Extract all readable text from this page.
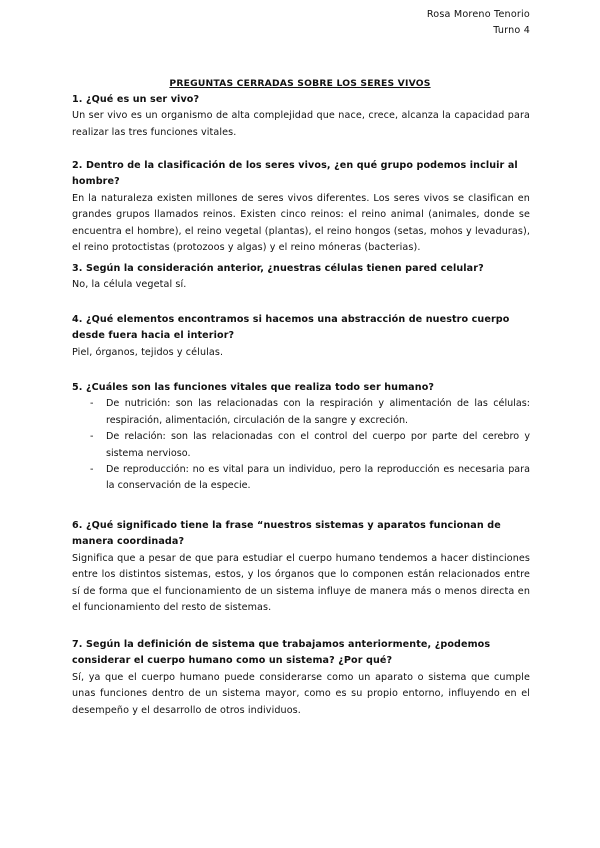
Rosa Moreno Tenorio
Turno 4
PREGUNTAS CERRADAS SOBRE LOS SERES VIVOS
1. ¿Qué es un ser vivo?

Un ser vivo es un organismo de alta complejidad que nace, crece, alcanza la capacidad para realizar las tres funciones vitales.

2. Dentro de la clasificación de los seres vivos, ¿en qué grupo podemos incluir al hombre?

En la naturaleza existen millones de seres vivos diferentes. Los seres vivos se clasifican en grandes grupos llamados reinos. Existen cinco reinos: el reino animal (animales, donde se encuentra el hombre), el reino vegetal (plantas), el reino hongos (setas, mohos y levaduras), el reino protoctistas (protozoos y algas) y el reino móneras (bacterias).

3. Según la consideración anterior, ¿nuestras células tienen pared celular?

No, la célula vegetal sí.

4. ¿Qué elementos encontramos si hacemos una abstracción de nuestro cuerpo desde fuera hacia el interior?

Piel, órganos, tejidos y células.

5. ¿Cuáles son las funciones vitales que realiza todo ser humano?
- De nutrición: son las relacionadas con la respiración y alimentación de las células: respiración, alimentación, circulación de la sangre y excreción.
- De relación: son las relacionadas con el control del cuerpo por parte del cerebro y sistema nervioso.
- De reproducción: no es vital para un individuo, pero la reproducción es necesaria para la conservación de la especie.
6. ¿Qué significado tiene la frase “nuestros sistemas y aparatos funcionan de manera coordinada?

Significa que a pesar de que para estudiar el cuerpo humano tendemos a hacer distinciones entre los distintos sistemas, estos, y los órganos que lo componen están relacionados entre sí de forma que el funcionamiento de un sistema influye de manera más o menos directa en el funcionamiento del resto de sistemas.

7. Según la definición de sistema que trabajamos anteriormente, ¿podemos considerar el cuerpo humano como un sistema? ¿Por qué?

Sí, ya que el cuerpo humano puede considerarse como un aparato o sistema que cumple unas funciones dentro de un sistema mayor, como es su propio entorno, influyendo en el desempeño y el desarrollo de otros individuos.
